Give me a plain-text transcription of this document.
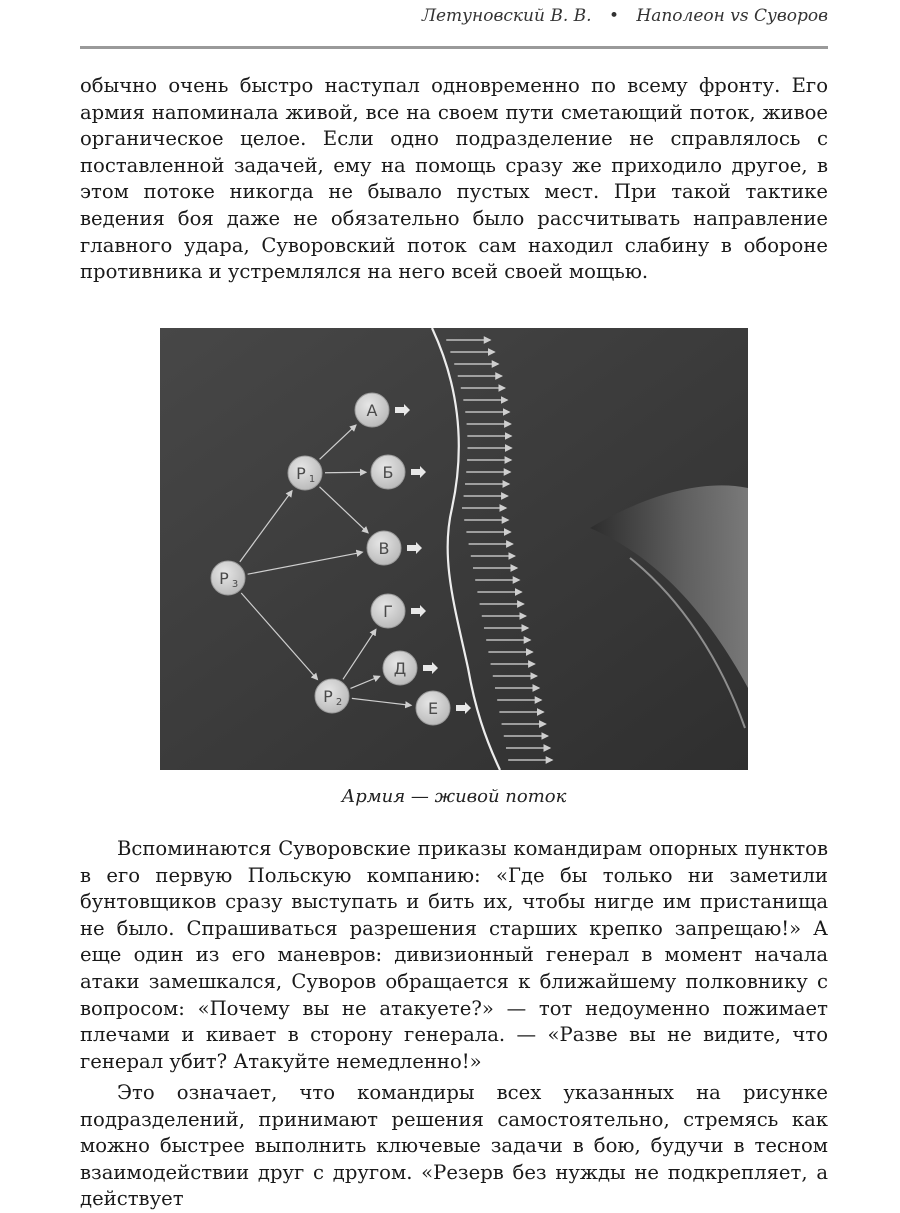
Летуновский В. В. • Наполеон vs Суворов

обычно очень быстро наступал одновременно по всему фронту. Его армия напоминала живой, все на своем пути сметающий поток, живое органическое целое. Если одно подразделение не справлялось с поставленной задачей, ему на помощь сразу же приходило другое, в этом потоке никогда не бывало пустых мест. При такой тактике ведения боя даже не обязательно было рассчитывать направление главного удара, Суворовский поток сам находил слабину в обороне противника и устремлялся на него всей своей мощью.

Р 3
Р 1
Р 2
А
Б
В
Г
Д
Е
Армия — живой поток

Вспоминаются Суворовские приказы командирам опорных пунктов в его первую Польскую компанию: «Где бы только ни заметили бунтовщиков сразу выступать и бить их, чтобы нигде им пристанища не было. Спрашиваться разрешения старших крепко запрещаю!» А еще один из его маневров: дивизионный генерал в момент начала атаки замешкался, Суворов обращается к ближайшему полковнику с вопросом: «Почему вы не атакуете?» — тот недоуменно пожимает плечами и кивает в сторону генерала. — «Разве вы не видите, что генерал убит? Атакуйте немедленно!»

Это означает, что командиры всех указанных на рисунке подразделений, принимают решения самостоятельно, стремясь как можно быстрее выполнить ключевые задачи в бою, будучи в тесном взаимодействии друг с другом. «Резерв без нужды не подкрепляет, а действует
